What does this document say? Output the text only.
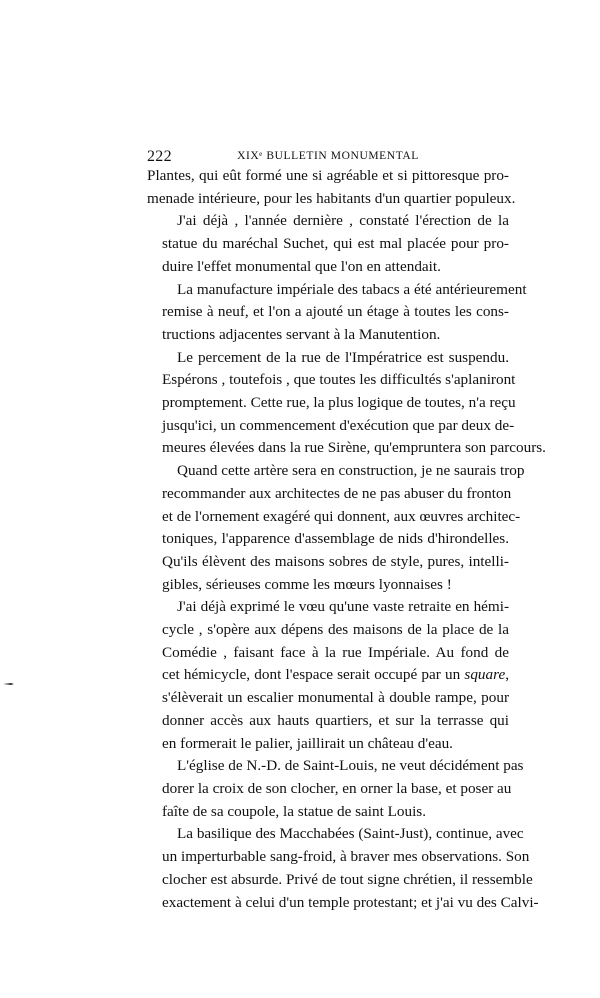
222	XIXᵉ BULLETIN MONUMENTAL

Plantes, qui eût formé une si agréable et si pittoresque pro-
menade intérieure, pour les habitants d'un quartier populeux.

J'ai déjà , l'année dernière , constaté l'érection de la
statue du maréchal Suchet, qui est mal placée pour pro-
duire l'effet monumental que l'on en attendait.

La manufacture impériale des tabacs a été antérieurement
remise à neuf, et l'on a ajouté un étage à toutes les cons-
tructions adjacentes servant à la Manutention.

Le percement de la rue de l'Impératrice est suspendu.
Espérons , toutefois , que toutes les difficultés s'aplaniront
promptement. Cette rue, la plus logique de toutes, n'a reçu
jusqu'ici, un commencement d'exécution que par deux de-
meures élevées dans la rue Sirène, qu'empruntera son parcours.

Quand cette artère sera en construction, je ne saurais trop
recommander aux architectes de ne pas abuser du fronton
et de l'ornement exagéré qui donnent, aux œuvres architec-
toniques, l'apparence d'assemblage de nids d'hirondelles.
Qu'ils élèvent des maisons sobres de style, pures, intelli-
gibles, sérieuses comme les mœurs lyonnaises !

J'ai déjà exprimé le vœu qu'une vaste retraite en hémi-
cycle , s'opère aux dépens des maisons de la place de la
Comédie , faisant face à la rue Impériale. Au fond de
cet hémicycle, dont l'espace serait occupé par un square,
s'élèverait un escalier monumental à double rampe, pour
donner accès aux hauts quartiers, et sur la terrasse qui
en formerait le palier, jaillirait un château d'eau.

L'église de N.-D. de Saint-Louis, ne veut décidément pas
dorer la croix de son clocher, en orner la base, et poser au
faîte de sa coupole, la statue de saint Louis.

La basilique des Macchabées (Saint-Just), continue, avec
un imperturbable sang-froid, à braver mes observations. Son
clocher est absurde. Privé de tout signe chrétien, il ressemble
exactement à celui d'un temple protestant; et j'ai vu des Calvi-
